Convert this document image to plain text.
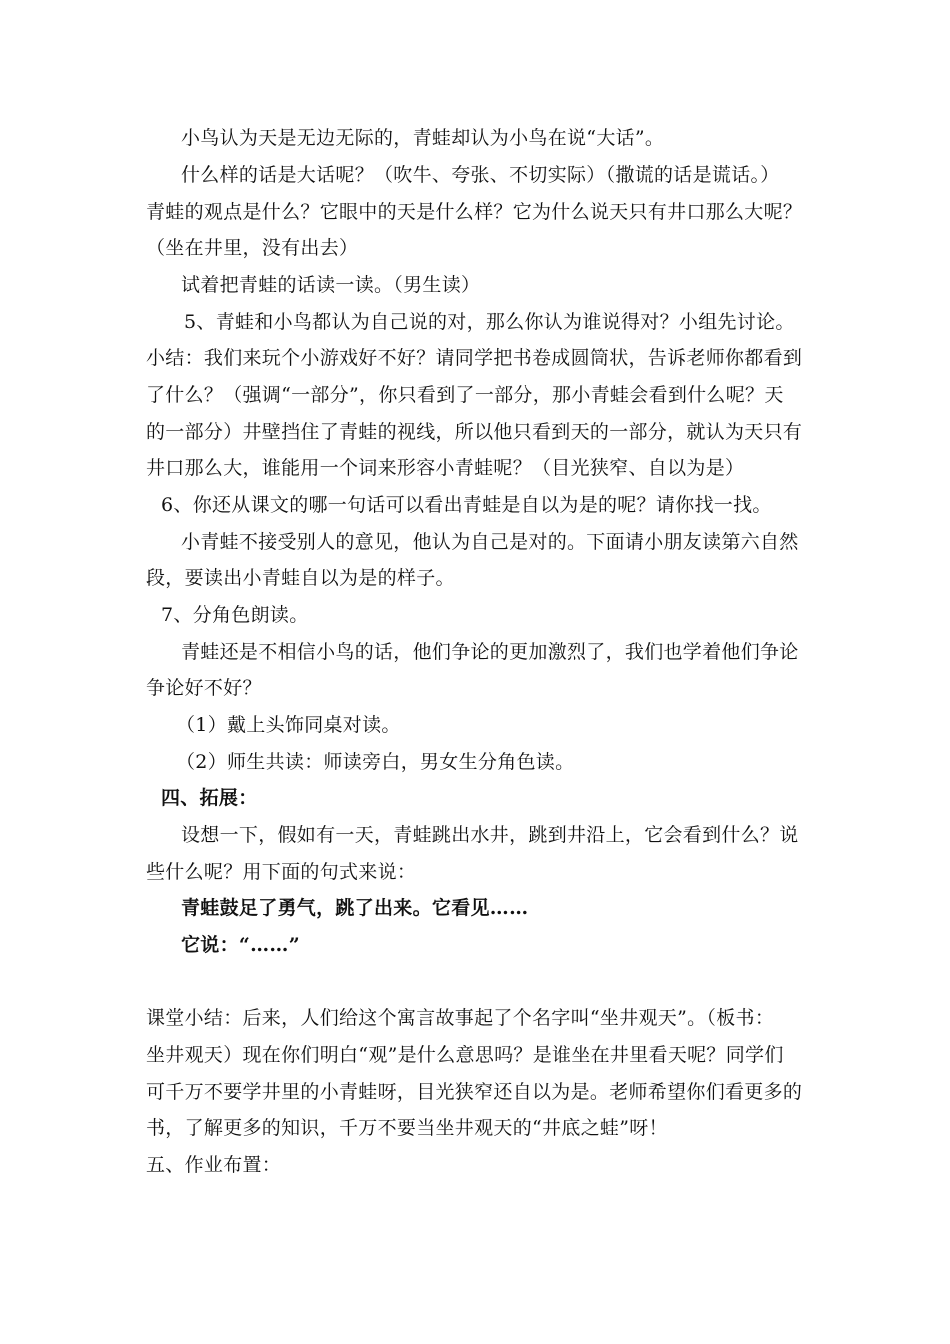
小鸟认为天是无边无际的，青蛙却认为小鸟在说“大话”。
什么样的话是大话呢？（吹牛、夸张、不切实际）（撒谎的话是谎话。）
青蛙的观点是什么？它眼中的天是什么样？它为什么说天只有井口那么大呢？
（坐在井里，没有出去）
试着把青蛙的话读一读。（男生读）
5、青蛙和小鸟都认为自己说的对，那么你认为谁说得对？小组先讨论。
小结：我们来玩个小游戏好不好？请同学把书卷成圆筒状，告诉老师你都看到
了什么？（强调“一部分”，你只看到了一部分，那小青蛙会看到什么呢？天
的一部分）井壁挡住了青蛙的视线，所以他只看到天的一部分，就认为天只有
井口那么大，谁能用一个词来形容小青蛙呢？（目光狭窄、自以为是）
6、你还从课文的哪一句话可以看出青蛙是自以为是的呢？请你找一找。
小青蛙不接受别人的意见，他认为自己是对的。下面请小朋友读第六自然
段，要读出小青蛙自以为是的样子。
7、分角色朗读。
青蛙还是不相信小鸟的话，他们争论的更加激烈了，我们也学着他们争论
争论好不好？
（1）戴上头饰同桌对读。
（2）师生共读：师读旁白，男女生分角色读。
四、拓展：
设想一下，假如有一天，青蛙跳出水井，跳到井沿上，它会看到什么？说
些什么呢？用下面的句式来说：
青蛙鼓足了勇气，跳了出来。它看见……
它说：“……”
课堂小结：后来，人们给这个寓言故事起了个名字叫“坐井观天”。（板书：
坐井观天）现在你们明白“观”是什么意思吗？是谁坐在井里看天呢？同学们
可千万不要学井里的小青蛙呀，目光狭窄还自以为是。老师希望你们看更多的
书，了解更多的知识，千万不要当坐井观天的“井底之蛙”呀！
五、作业布置：
